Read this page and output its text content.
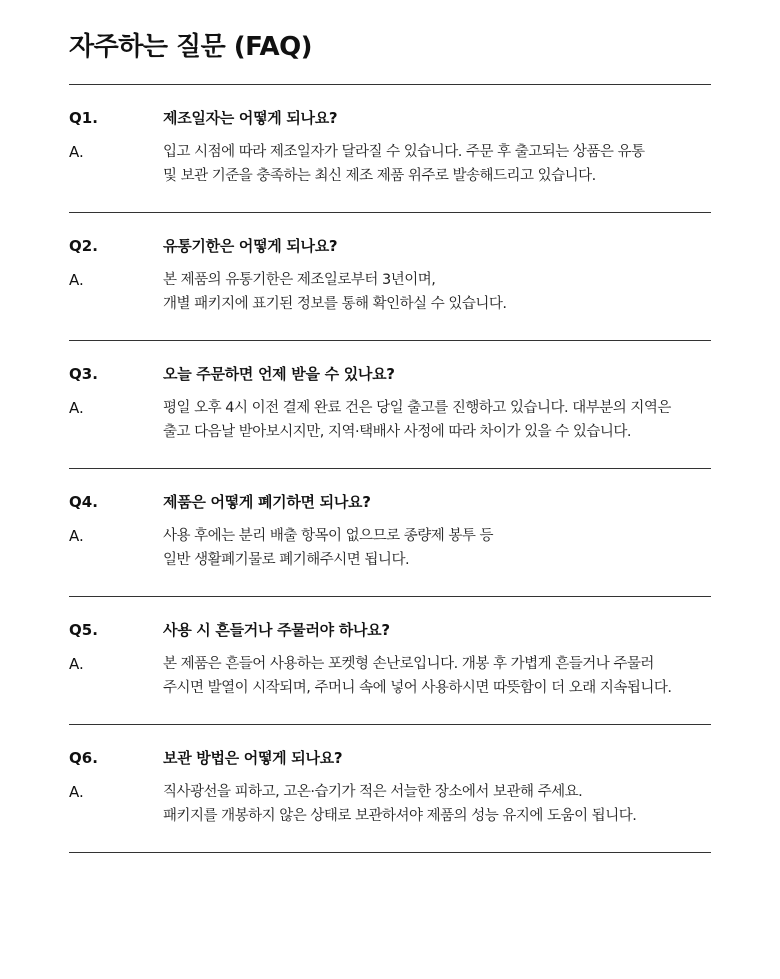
자주하는 질문 (FAQ)
Q1.	제조일자는 어떻게 되나요?
A.	입고 시점에 따라 제조일자가 달라질 수 있습니다. 주문 후 출고되는 상품은 유통
및 보관 기준을 충족하는 최신 제조 제품 위주로 발송해드리고 있습니다.
Q2.	유통기한은 어떻게 되나요?
A.	본 제품의 유통기한은 제조일로부터 3년이며,
개별 패키지에 표기된 정보를 통해 확인하실 수 있습니다.
Q3.	오늘 주문하면 언제 받을 수 있나요?
A.	평일 오후 4시 이전 결제 완료 건은 당일 출고를 진행하고 있습니다. 대부분의 지역은
출고 다음날 받아보시지만, 지역·택배사 사정에 따라 차이가 있을 수 있습니다.
Q4.	제품은 어떻게 폐기하면 되나요?
A.	사용 후에는 분리 배출 항목이 없으므로 종량제 봉투 등
일반 생활폐기물로 폐기해주시면 됩니다.
Q5.	사용 시 흔들거나 주물러야 하나요?
A.	본 제품은 흔들어 사용하는 포켓형 손난로입니다. 개봉 후 가볍게 흔들거나 주물러
주시면 발열이 시작되며, 주머니 속에 넣어 사용하시면 따뜻함이 더 오래 지속됩니다.
Q6.	보관 방법은 어떻게 되나요?
A.	직사광선을 피하고, 고온·습기가 적은 서늘한 장소에서 보관해 주세요.
패키지를 개봉하지 않은 상태로 보관하셔야 제품의 성능 유지에 도움이 됩니다.
